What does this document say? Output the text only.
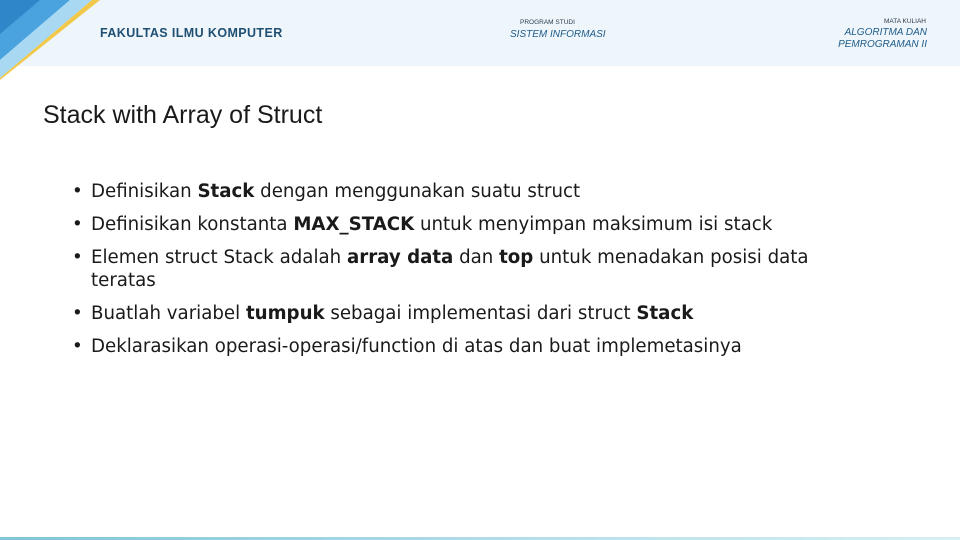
FAKULTAS ILMU KOMPUTER
PROGRAM STUDI
SISTEM INFORMASI
MATA KULIAH
ALGORITMA DAN
PEMROGRAMAN II
Stack with Array of Struct
• Definisikan Stack dengan menggunakan suatu struct
• Definisikan konstanta MAX_STACK untuk menyimpan maksimum isi stack
• Elemen struct Stack adalah array data dan top untuk menadakan posisi data teratas
• Buatlah variabel tumpuk sebagai implementasi dari struct Stack
• Deklarasikan operasi-operasi/function di atas dan buat implemetasinya
